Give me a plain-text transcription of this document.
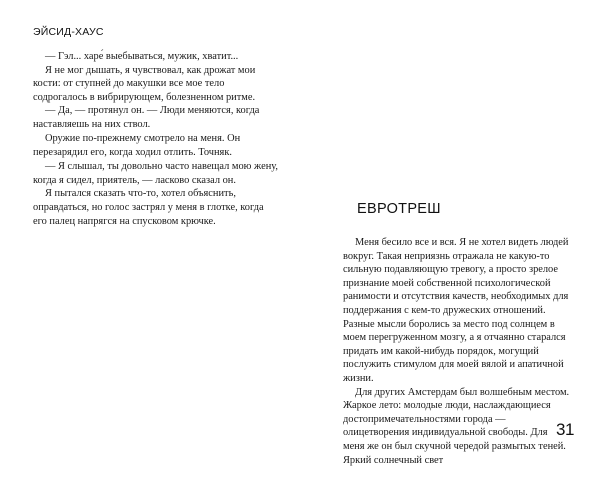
ЭЙСИД-ХАУС

— Гэл... харе́ выебываться, мужик, хватит...

Я не мог дышать, я чувствовал, как дрожат мои кости: от ступней до макушки все мое тело содрогалось в вибрирующем, болезненном ритме.

— Да, — протянул он. — Люди меняются, когда наставляешь на них ствол.

Оружие по-прежнему смотрело на меня. Он перезарядил его, когда ходил отлить. Точняк.

— Я слышал, ты довольно часто навещал мою жену, когда я сидел, приятель, — ласково сказал он.

Я пытался сказать что-то, хотел объяснить, оправдаться, но голос застрял у меня в глотке, когда его палец напрягся на спусковом крючке.

ЕВРОТРЕШ

Меня бесило все и вся. Я не хотел видеть людей вокруг. Такая неприязнь отражала не какую-то сильную подавляющую тревогу, а просто зрелое признание моей собственной психологической ранимости и отсутствия качеств, необходимых для поддержания с кем-то дружеских отношений. Разные мысли боролись за место под солнцем в моем перегруженном мозгу, а я отчаянно старался придать им какой-нибудь порядок, могущий послужить стимулом для моей вялой и апатичной жизни.

Для других Амстердам был волшебным местом. Жаркое лето: молодые люди, наслаждающиеся достопримечательностями города — олицетворения индивидуальной свободы. Для меня же он был скучной чередой размытых теней. Яркий солнечный свет

31
